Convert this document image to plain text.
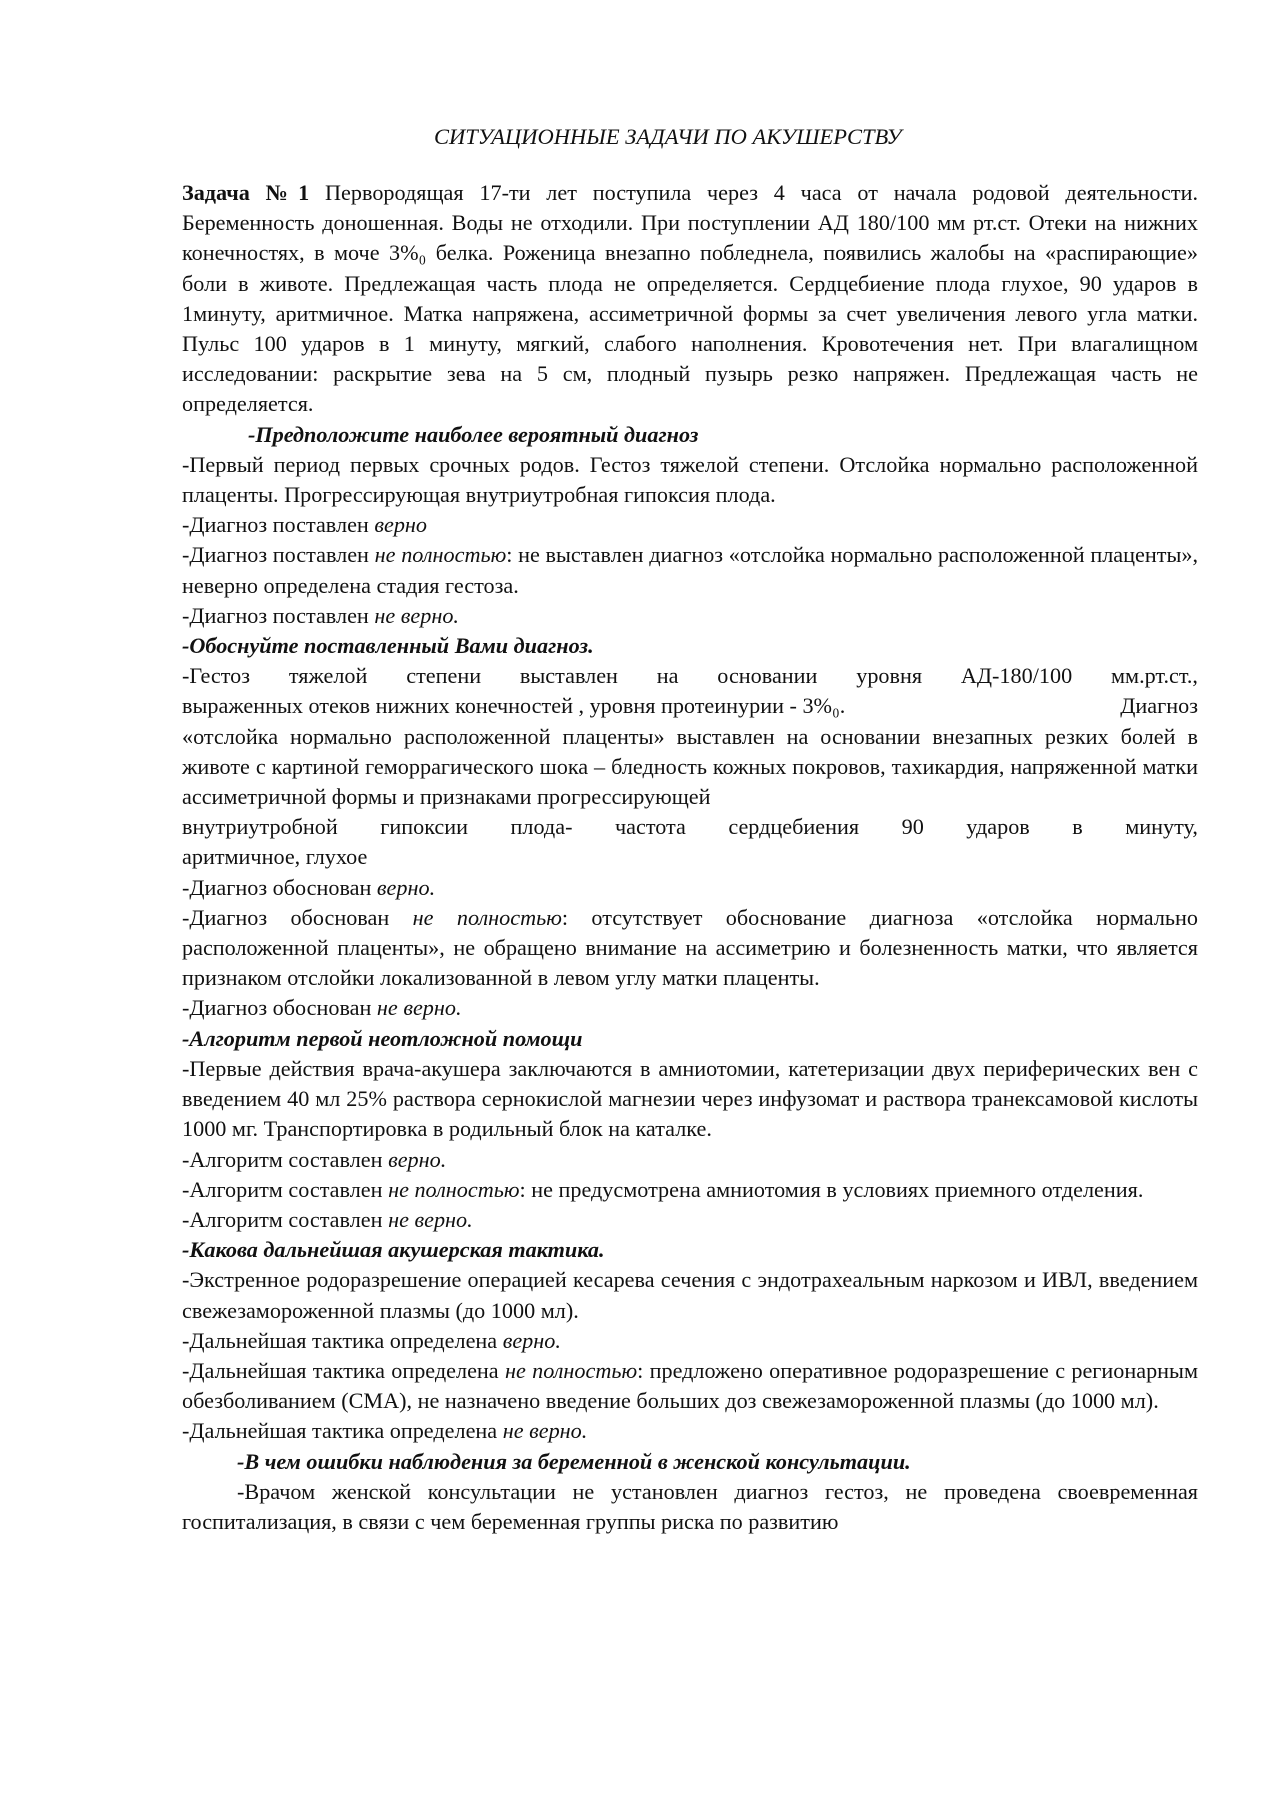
СИТУАЦИОННЫЕ ЗАДАЧИ ПО АКУШЕРСТВУ
Задача №1 Первородящая 17-ти лет поступила через 4 часа от начала родовой деятельности. Беременность доношенная. Воды не отходили. При поступлении АД 180/100 мм рт.ст. Отеки на нижних конечностях, в моче 3%₀ белка. Роженица внезапно побледнела, появились жалобы на «распирающие» боли в животе. Предлежащая часть плода не определяется. Сердцебиение плода глухое, 90 ударов в 1минуту, аритмичное. Матка напряжена, ассиметричной формы за счет увеличения левого угла матки. Пульс 100 ударов в 1 минуту, мягкий, слабого наполнения. Кровотечения нет. При влагалищном исследовании: раскрытие зева на 5 см, плодный пузырь резко напряжен. Предлежащая часть не определяется.
-Предположите наиболее вероятный диагноз
-Первый период первых срочных родов. Гестоз тяжелой степени. Отслойка нормально расположенной плаценты. Прогрессирующая внутриутробная гипоксия плода.
-Диагноз поставлен верно
-Диагноз поставлен не полностью: не выставлен диагноз «отслойка нормально расположенной плаценты», неверно определена стадия гестоза.
-Диагноз поставлен не верно.
-Обоснуйте поставленный Вами диагноз.
-Гестоз тяжелой степени выставлен на основании уровня АД-180/100 мм.рт.ст.,
выраженных отеков нижних конечностей , уровня протеинурии - 3%₀.	Диагноз
«отслойка нормально расположенной плаценты» выставлен на основании внезапных резких болей в животе с картиной геморрагического шока – бледность кожных покровов, тахикардия, напряженной матки ассиметричной формы и признаками прогрессирующей
внутриутробной гипоксии плода- частота сердцебиения 90 ударов в минуту,
аритмичное, глухое
-Диагноз обоснован верно.
-Диагноз обоснован не полностью: отсутствует обоснование диагноза «отслойка нормально расположенной плаценты», не обращено внимание на ассиметрию и болезненность матки, что является признаком отслойки локализованной в левом углу матки плаценты.
-Диагноз обоснован не верно.
-Алгоритм первой неотложной помощи
-Первые действия врача-акушера заключаются в амниотомии, катетеризации двух периферических вен с введением 40 мл 25% раствора сернокислой магнезии через инфузомат и раствора транексамовой кислоты 1000 мг. Транспортировка в родильный блок на каталке.
-Алгоритм составлен верно.
-Алгоритм составлен не полностью: не предусмотрена амниотомия в условиях приемного отделения.
-Алгоритм составлен не верно.
-Какова дальнейшая акушерская тактика.
-Экстренное родоразрешение операцией кесарева сечения с эндотрахеальным наркозом и ИВЛ, введением свежезамороженной плазмы (до 1000 мл).
-Дальнейшая тактика определена верно.
-Дальнейшая тактика определена не полностью: предложено оперативное родоразрешение с регионарным обезболиванием (СМА), не назначено введение больших доз свежезамороженной плазмы (до 1000 мл).
-Дальнейшая тактика определена не верно.
-В чем ошибки наблюдения за беременной в женской консультации.
-Врачом женской консультации не установлен диагноз гестоз, не проведена своевременная госпитализация, в связи с чем беременная группы риска по развитию
